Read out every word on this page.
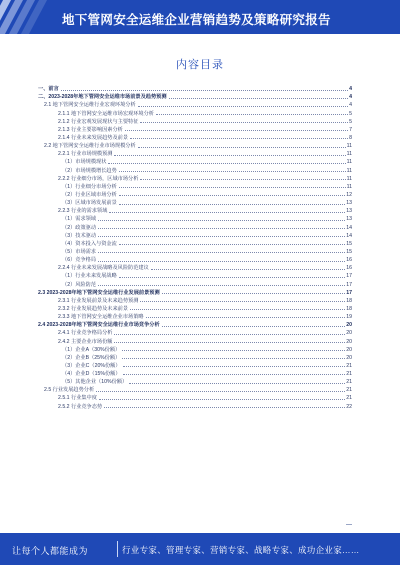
地下管网安全运维企业营销趋势及策略研究报告
内容目录
一、前言	4
二、2023-2028年地下管网安全运维市场前景及趋势预测	4
2.1 地下管网安全运维行业宏观环境分析	4
2.1.1 地下管网安全运维市场宏观环境分析	5
2.1.2 行业宏观发展现状与主要特征	5
2.1.3 行业主要影响因素分析	7
2.1.4 行业未来发展趋势及前景	8
2.2 地下管网安全运维行业市场规模分析	11
2.2.1 行业市场规模预测	11
（1）市场规模现状	11
（2）市场规模增长趋势	11
2.2.2 行业细分市场，区域市场分析	11
（1）行业细分市场分析	11
（2）行业区域市场分析	12
（3）区域市场发展前景	13
2.2.3 行业的需求领域	13
（1）需求领域	13
（2）政策驱动	14
（3）技术驱动	14
（4）资本投入与资金流	15
（5）市场需求	15
（6）竞争格局	16
2.2.4 行业未来发展战略及风险防范建议	16
（1）行业未来发展战略	17
（2）风险防范	17
2.3 2023-2028年地下管网安全运维行业发展前景预测	17
2.3.1 行业发展前景及未来趋势预测	18
2.3.2 行业发展趋势及未来前景	18
2.3.3 地下管网安全运维企业市场策略	19
2.4 2023-2028年地下管网安全运维行业市场竞争分析	20
2.4.1 行业竞争格局分析	20
2.4.2 主要企业市场份额	20
（1）企业A（30%份额）	20
（2）企业B（25%份额）	20
（3）企业C（20%份额）	21
（4）企业D（15%份额）	21
（5）其他企业（10%份额）	21
2.5 行业发展趋势分析	21
2.5.1 行业集中度	21
2.5.2 行业竞争态势	22
让每个人都能成为	行业专家、管理专家、营销专家、战略专家、成功企业家……
